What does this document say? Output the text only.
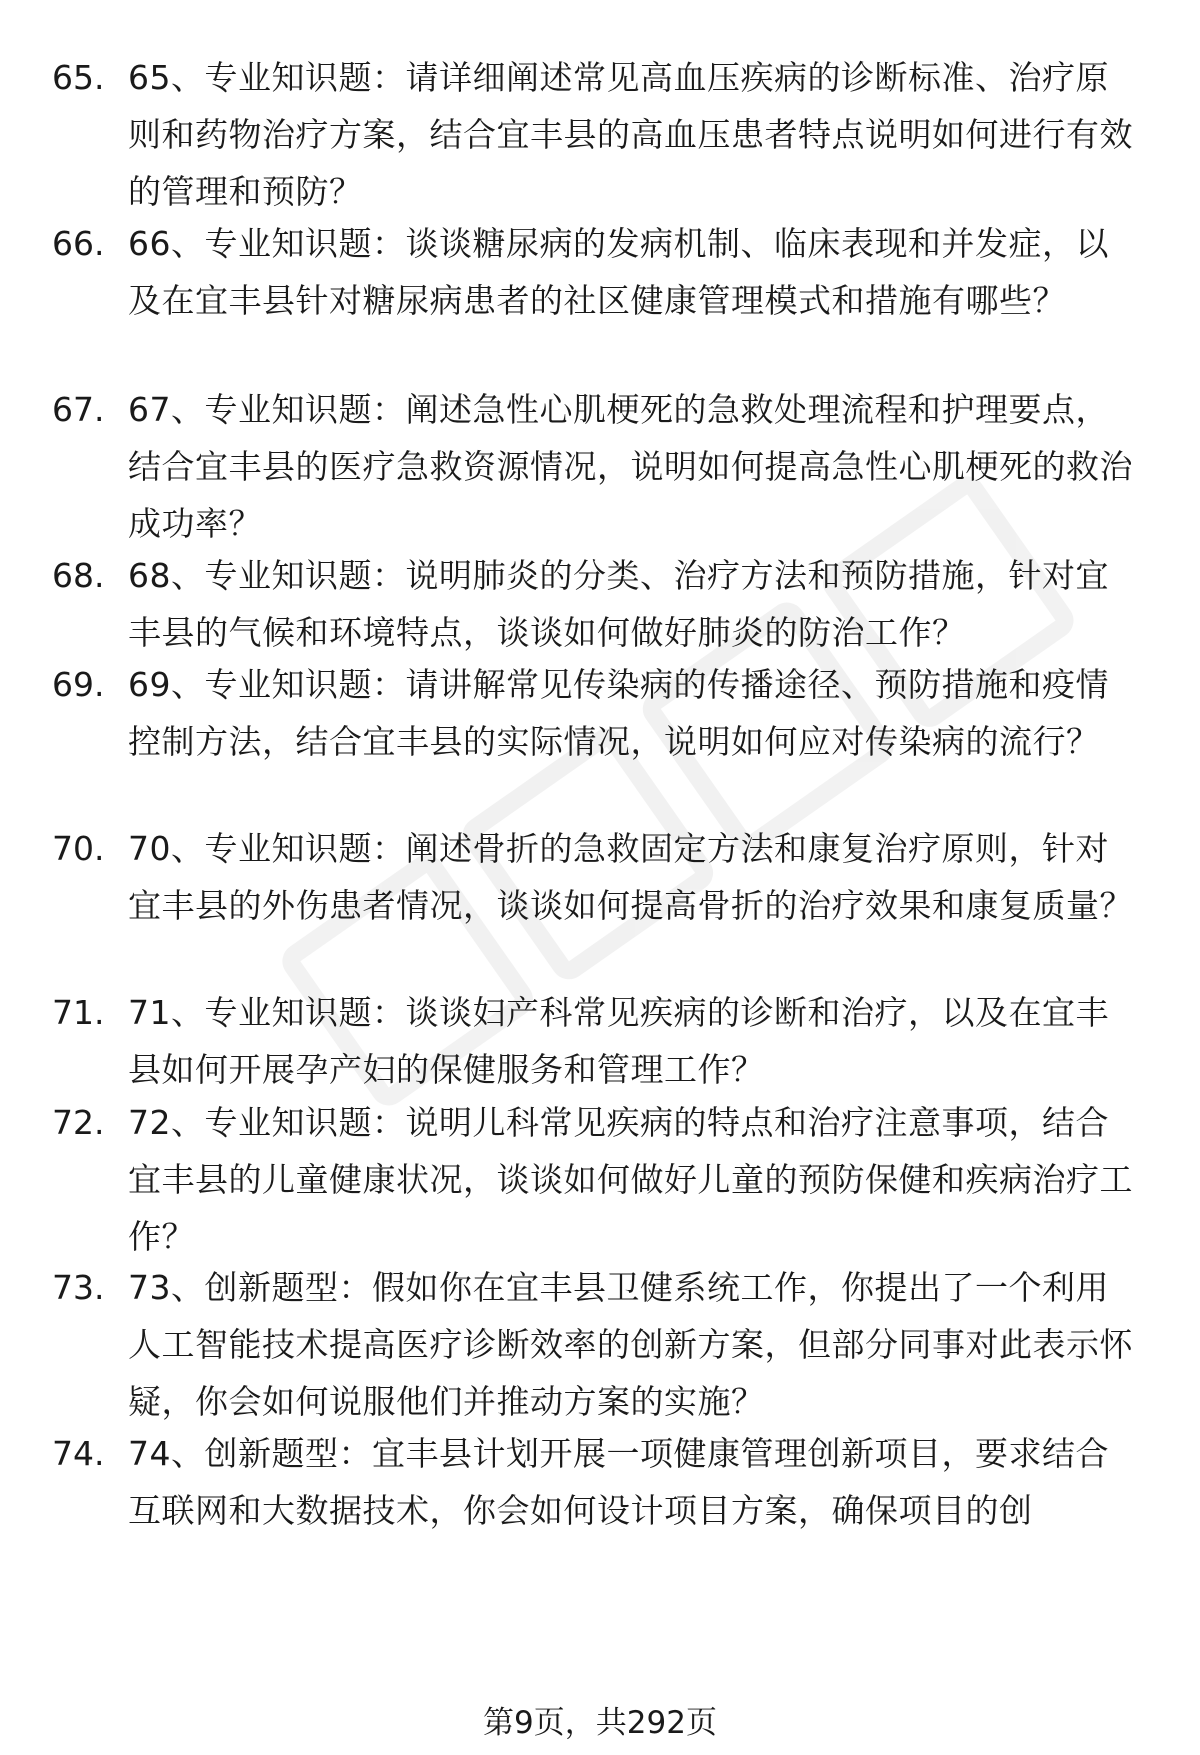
65. 65、专业知识题：请详细阐述常见高血压疾病的诊断标准、治疗原则和药物治疗方案，结合宜丰县的高血压患者特点说明如何进行有效的管理和预防？
66. 66、专业知识题：谈谈糖尿病的发病机制、临床表现和并发症，以及在宜丰县针对糖尿病患者的社区健康管理模式和措施有哪些？
67. 67、专业知识题：阐述急性心肌梗死的急救处理流程和护理要点，结合宜丰县的医疗急救资源情况，说明如何提高急性心肌梗死的救治成功率？
68. 68、专业知识题：说明肺炎的分类、治疗方法和预防措施，针对宜丰县的气候和环境特点，谈谈如何做好肺炎的防治工作？
69. 69、专业知识题：请讲解常见传染病的传播途径、预防措施和疫情控制方法，结合宜丰县的实际情况，说明如何应对传染病的流行？
70. 70、专业知识题：阐述骨折的急救固定方法和康复治疗原则，针对宜丰县的外伤患者情况，谈谈如何提高骨折的治疗效果和康复质量？
71. 71、专业知识题：谈谈妇产科常见疾病的诊断和治疗，以及在宜丰县如何开展孕产妇的保健服务和管理工作？
72. 72、专业知识题：说明儿科常见疾病的特点和治疗注意事项，结合宜丰县的儿童健康状况，谈谈如何做好儿童的预防保健和疾病治疗工作？
73. 73、创新题型：假如你在宜丰县卫健系统工作，你提出了一个利用人工智能技术提高医疗诊断效率的创新方案，但部分同事对此表示怀疑，你会如何说服他们并推动方案的实施？
74. 74、创新题型：宜丰县计划开展一项健康管理创新项目，要求结合互联网和大数据技术，你会如何设计项目方案，确保项目的创
第9页，共292页
